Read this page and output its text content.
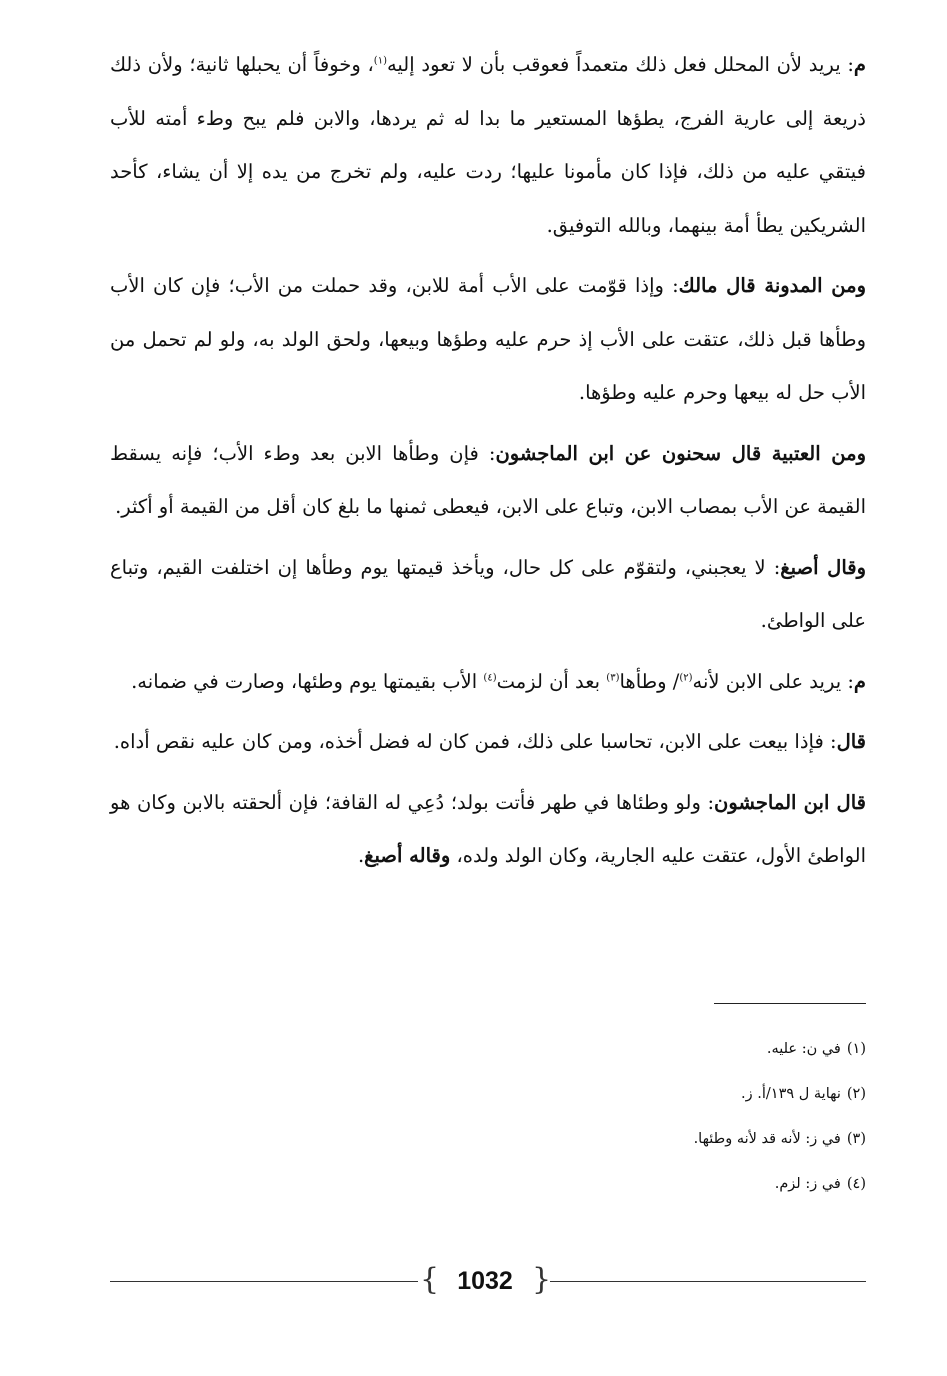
م: يريد لأن المحلل فعل ذلك متعمداً فعوقب بأن لا تعود إليه$^{(١)}$، وخوفاً أن يحبلها ثانية؛ ولأن ذلك ذريعة إلى عارية الفرج، يطؤها المستعير ما بدا له ثم يردها، والابن فلم يبح وطء أمته للأب فيتقي عليه من ذلك، فإذا كان مأمونا عليها؛ ردت عليه، ولم تخرج من يده إلا أن يشاء، كأحد الشريكين يطأ أمة بينهما، وبالله التوفيق.

ومن المدونة قال مالك: وإذا قوّمت على الأب أمة للابن، وقد حملت من الأب؛ فإن كان الأب وطأها قبل ذلك، عتقت على الأب إذ حرم عليه وطؤها وبيعها، ولحق الولد به، ولو لم تحمل من الأب حل له بيعها وحرم عليه وطؤها.

ومن العتبية قال سحنون عن ابن الماجشون: فإن وطأها الابن بعد وطء الأب؛ فإنه يسقط القيمة عن الأب بمصاب الابن، وتباع على الابن، فيعطى ثمنها ما بلغ كان أقل من القيمة أو أكثر.

وقال أصبغ: لا يعجبني، ولتقوّم على كل حال، ويأخذ قيمتها يوم وطأها إن اختلفت القيم، وتباع على الواطئ.

م: يريد على الابن لأنه$^{(٢)}$/ وطأها$^{(٣)}$ بعد أن لزمت$^{(٤)}$ الأب بقيمتها يوم وطئها، وصارت في ضمانه.

قال: فإذا بيعت على الابن، تحاسبا على ذلك، فمن كان له فضل أخذه، ومن كان عليه نقص أداه.

قال ابن الماجشون: ولو وطئاها في طهر فأتت بولد؛ دُعِي له القافة؛ فإن ألحقته بالابن وكان هو الواطئ الأول، عتقت عليه الجارية، وكان الولد ولده، وقاله أصبغ.

(١)في ن: عليه.
(٢)نهاية ل ١٣٩/أ. ز.
(٣)في ز: لأنه قد لأنه وطئها.
(٤)في ز: لزم.
{	}
1032
